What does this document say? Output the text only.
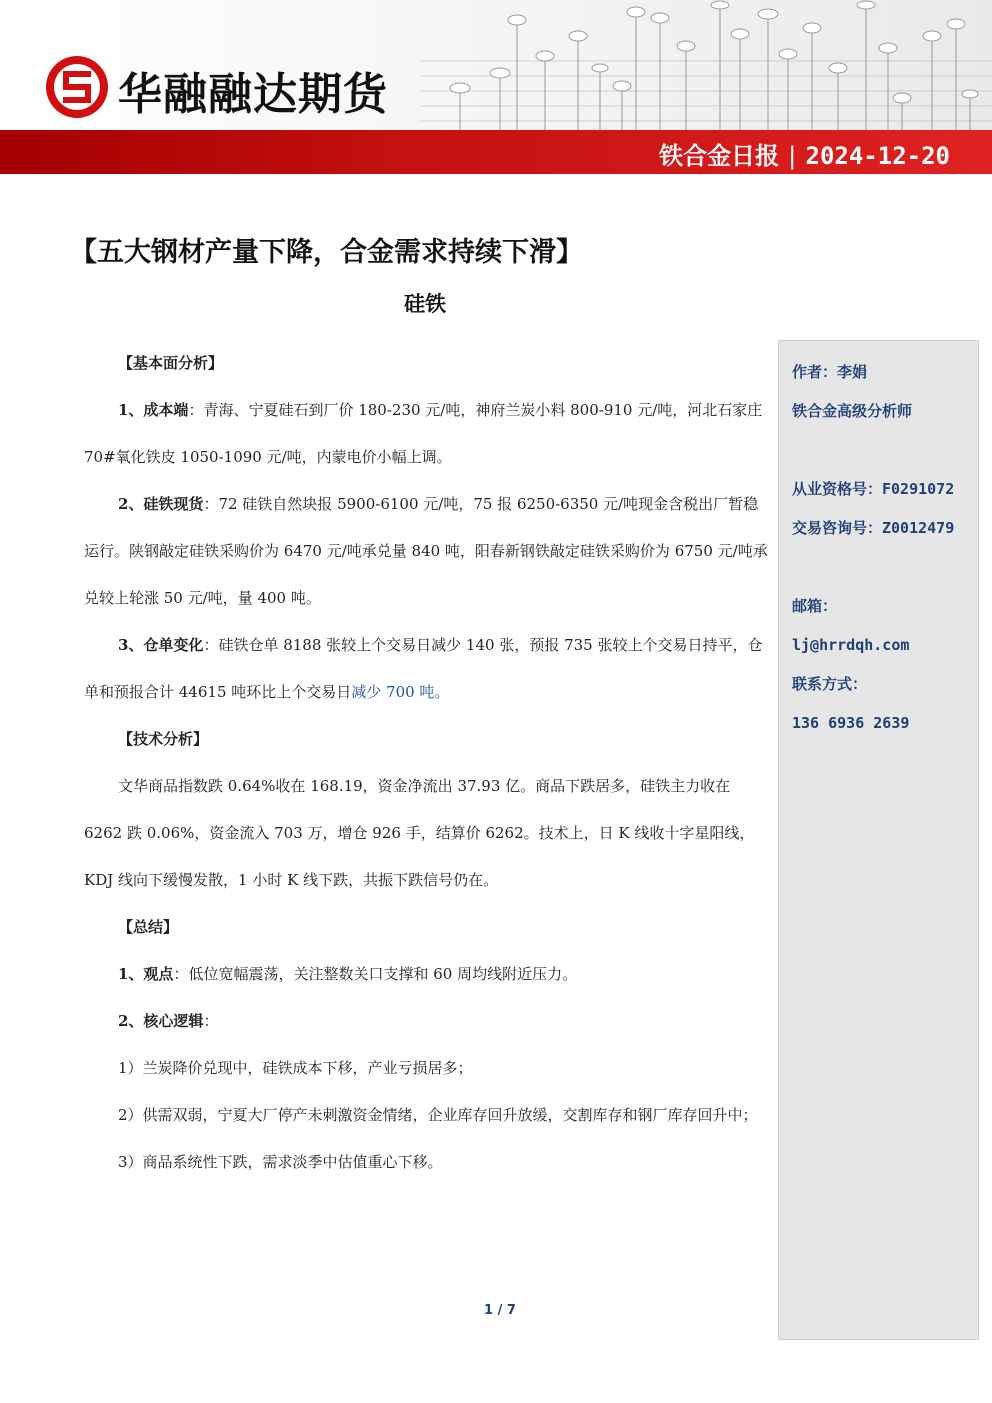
华融融达期货
铁合金日报 | 2024-12-20
【五大钢材产量下降，合金需求持续下滑】
硅铁

【基本面分析】

1、成本端：青海、宁夏硅石到厂价 180-230 元/吨，神府兰炭小料 800-910 元/吨，河北石家庄 70#氧化铁皮 1050-1090 元/吨，内蒙电价小幅上调。

2、硅铁现货：72 硅铁自然块报 5900-6100 元/吨，75 报 6250-6350 元/吨现金含税出厂暂稳运行。陕钢敲定硅铁采购价为 6470 元/吨承兑量 840 吨，阳春新钢铁敲定硅铁采购价为 6750 元/吨承兑较上轮涨 50 元/吨，量 400 吨。

3、仓单变化：硅铁仓单 8188 张较上个交易日减少 140 张，预报 735 张较上个交易日持平，仓单和预报合计 44615 吨环比上个交易日减少 700 吨。

【技术分析】

文华商品指数跌 0.64%收在 168.19，资金净流出 37.93 亿。商品下跌居多，硅铁主力收在 6262 跌 0.06%，资金流入 703 万，增仓 926 手，结算价 6262。技术上，日 K 线收十字星阳线，KDJ 线向下缓慢发散，1 小时 K 线下跌，共振下跌信号仍在。

【总结】

1、观点：低位宽幅震荡，关注整数关口支撑和 60 周均线附近压力。

2、核心逻辑：

1）兰炭降价兑现中，硅铁成本下移，产业亏损居多；

2）供需双弱，宁夏大厂停产未刺激资金情绪，企业库存回升放缓，交割库存和钢厂库存回升中；

3）商品系统性下跌，需求淡季中估值重心下移。

作者：李娟
铁合金高级分析师

从业资格号：F0291072
交易咨询号：Z0012479

邮箱：
lj@hrrdqh.com
联系方式：
136 6936 2639
1 / 7
